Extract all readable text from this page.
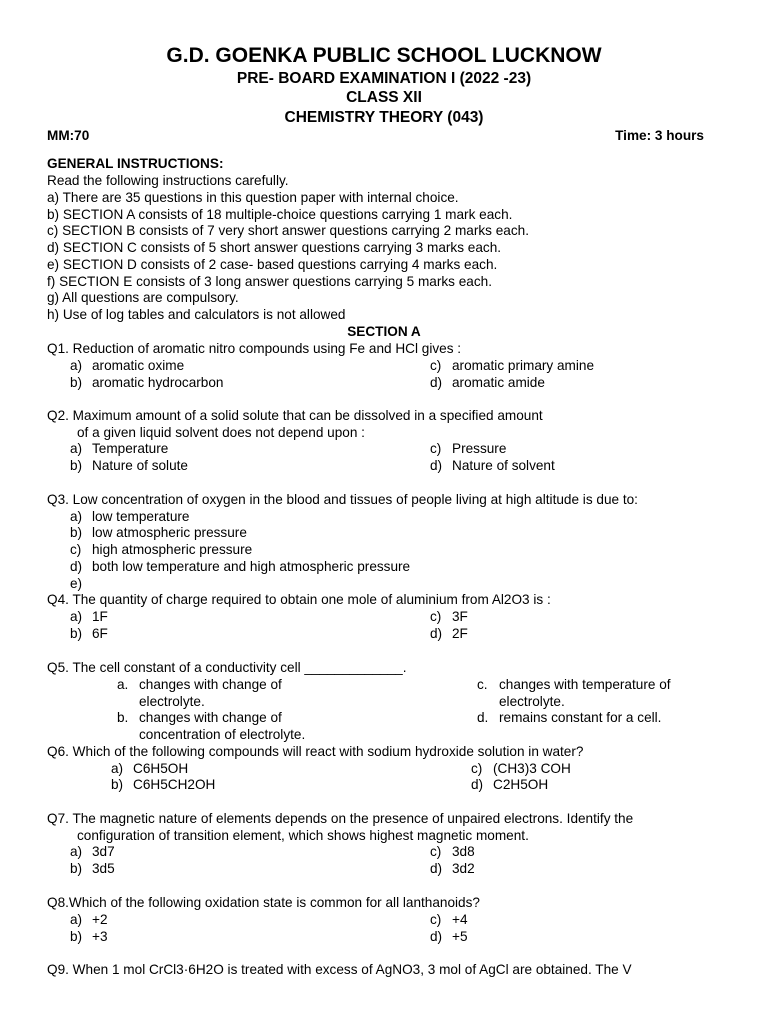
G.D. GOENKA PUBLIC SCHOOL LUCKNOW
PRE- BOARD EXAMINATION I (2022 -23)
CLASS XII
CHEMISTRY THEORY (043)
MM:70	Time: 3 hours
GENERAL INSTRUCTIONS:
Read the following instructions carefully.
a) There are 35 questions in this question paper with internal choice.
b) SECTION A consists of 18 multiple-choice questions carrying 1 mark each.
c) SECTION B consists of 7 very short answer questions carrying 2 marks each.
d) SECTION C consists of 5 short answer questions carrying 3 marks each.
e) SECTION D consists of 2 case- based questions carrying 4 marks each.
f) SECTION E consists of 3 long answer questions carrying 5 marks each.
g) All questions are compulsory.
h) Use of log tables and calculators is not allowed
SECTION A
Q1. Reduction of aromatic nitro compounds using Fe and HCl gives :
a) aromatic oxime
b) aromatic hydrocarbon
c) aromatic primary amine
d) aromatic amide
Q2. Maximum amount of a solid solute that can be dissolved in a specified amount
of a given liquid solvent does not depend upon :
a) Temperature
b) Nature of solute
c) Pressure
d) Nature of solvent
Q3. Low concentration of oxygen in the blood and tissues of people living at high altitude is due to:
a) low temperature
b) low atmospheric pressure
c) high atmospheric pressure
d) both low temperature and high atmospheric pressure
e)
Q4. The quantity of charge required to obtain one mole of aluminium from Al2O3 is :
a) 1F
b) 6F
c) 3F
d) 2F
Q5. The cell constant of a conductivity cell _____________.
a. changes with change of
electrolyte.
b. changes with change of
concentration of electrolyte.
c. changes with temperature of
electrolyte.
d. remains constant for a cell.
Q6. Which of the following compounds will react with sodium hydroxide solution in water?
a) C6H5OH
b) C6H5CH2OH
c) (CH3)3 COH
d) C2H5OH
Q7. The magnetic nature of elements depends on the presence of unpaired electrons. Identify the
configuration of transition element, which shows highest magnetic moment.
a) 3d7
b) 3d5
c) 3d8
d) 3d2
Q8.Which of the following oxidation state is common for all lanthanoids?
a) +2
b) +3
c) +4
d) +5
Q9. When 1 mol CrCl3·6H2O is treated with excess of AgNO3, 3 mol of AgCl are obtained. The V
